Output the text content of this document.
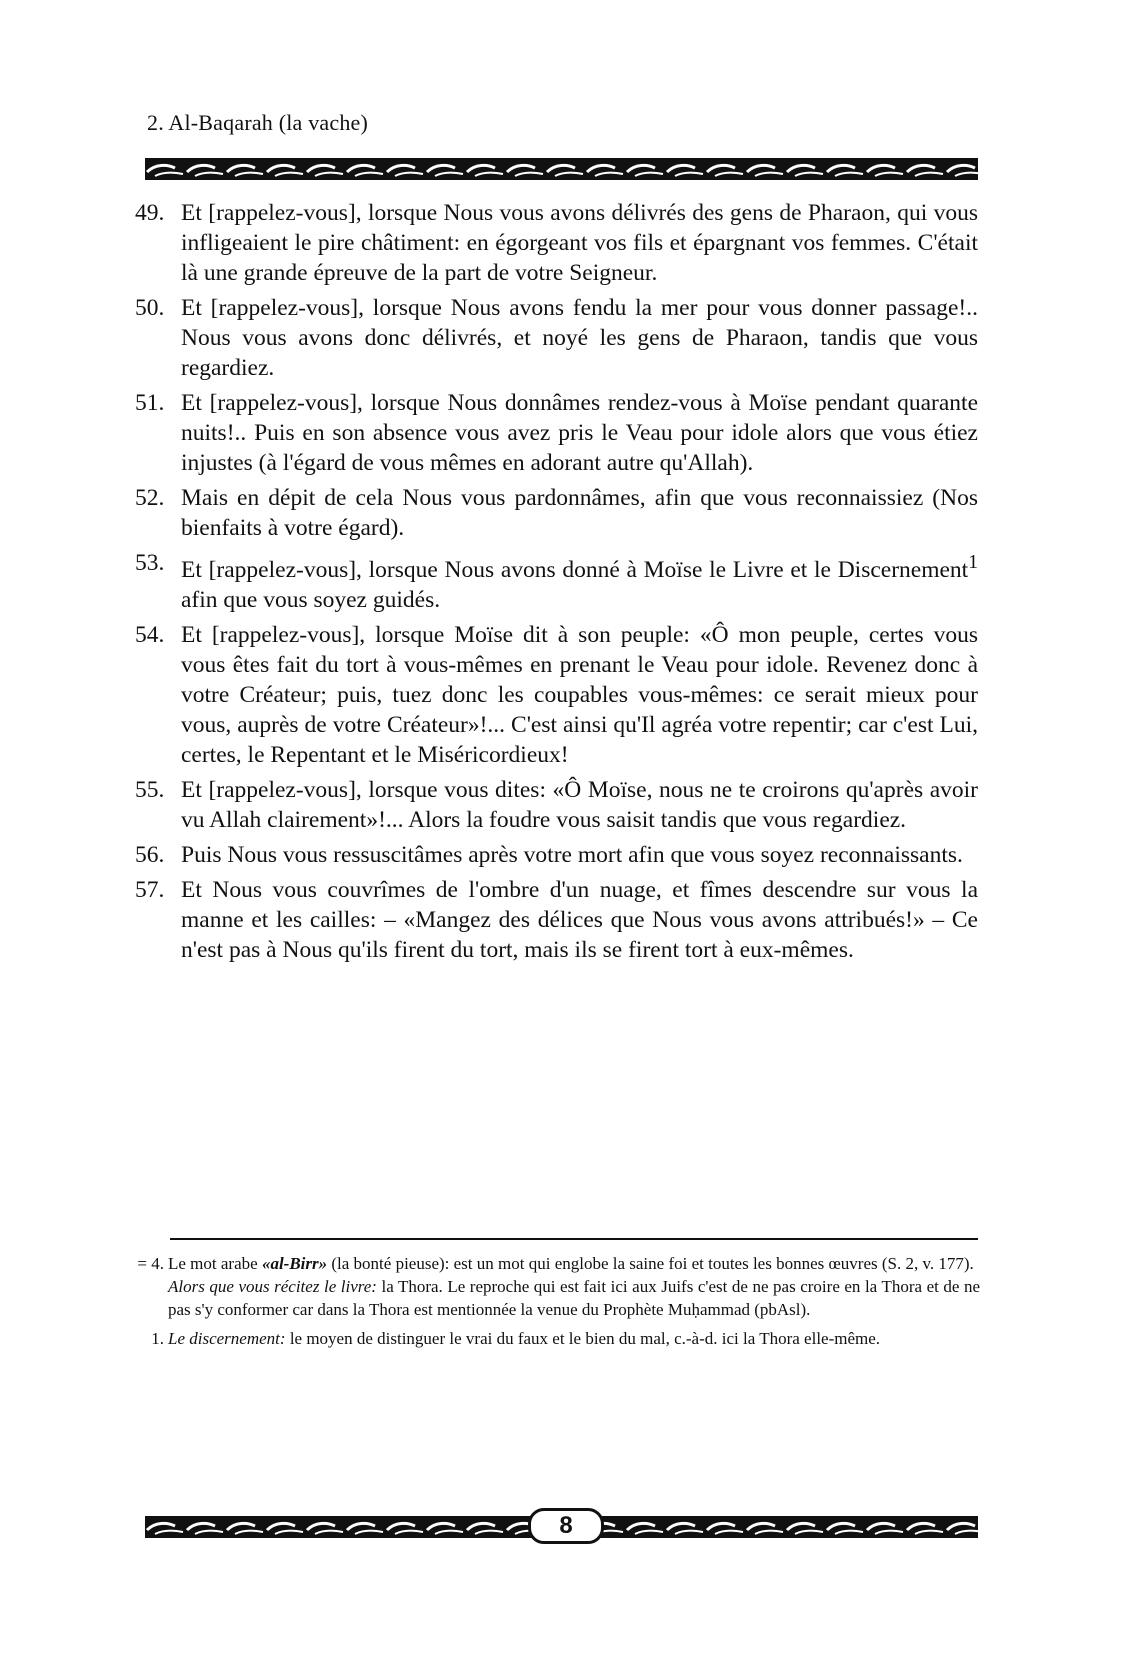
2. Al-Baqarah (la vache)
49. Et [rappelez-vous], lorsque Nous vous avons délivrés des gens de Pharaon, qui vous infligeaient le pire châtiment: en égorgeant vos fils et épargnant vos femmes. C'était là une grande épreuve de la part de votre Seigneur.
50. Et [rappelez-vous], lorsque Nous avons fendu la mer pour vous donner passage!.. Nous vous avons donc délivrés, et noyé les gens de Pharaon, tandis que vous regardiez.
51. Et [rappelez-vous], lorsque Nous donnâmes rendez-vous à Moïse pendant quarante nuits!.. Puis en son absence vous avez pris le Veau pour idole alors que vous étiez injustes (à l'égard de vous mêmes en adorant autre qu'Allah).
52. Mais en dépit de cela Nous vous pardonnâmes, afin que vous reconnaissiez (Nos bienfaits à votre égard).
53. Et [rappelez-vous], lorsque Nous avons donné à Moïse le Livre et le Discernement$^1$ afin que vous soyez guidés.
54. Et [rappelez-vous], lorsque Moïse dit à son peuple: «Ô mon peuple, certes vous vous êtes fait du tort à vous-mêmes en prenant le Veau pour idole. Revenez donc à votre Créateur; puis, tuez donc les coupables vous-mêmes: ce serait mieux pour vous, auprès de votre Créateur»!... C'est ainsi qu'Il agréa votre repentir; car c'est Lui, certes, le Repentant et le Miséricordieux!
55. Et [rappelez-vous], lorsque vous dites: «Ô Moïse, nous ne te croirons qu'après avoir vu Allah clairement»!... Alors la foudre vous saisit tandis que vous regardiez.
56. Puis Nous vous ressuscitâmes après votre mort afin que vous soyez reconnaissants.
57. Et Nous vous couvrîmes de l'ombre d'un nuage, et fîmes descendre sur vous la manne et les cailles: – «Mangez des délices que Nous vous avons attribués!» – Ce n'est pas à Nous qu'ils firent du tort, mais ils se firent tort à eux-mêmes.
= 4. Le mot arabe «al-Birr» (la bonté pieuse): est un mot qui englobe la saine foi et toutes les bonnes œuvres (S. 2, v. 177).

Alors que vous récitez le livre: la Thora. Le reproche qui est fait ici aux Juifs c'est de ne pas croire en la Thora et de ne pas s'y conformer car dans la Thora est mentionnée la venue du Prophète Muḥammad (pbAsl).

1. Le discernement: le moyen de distinguer le vrai du faux et le bien du mal, c.-à-d. ici la Thora elle-même.

8
